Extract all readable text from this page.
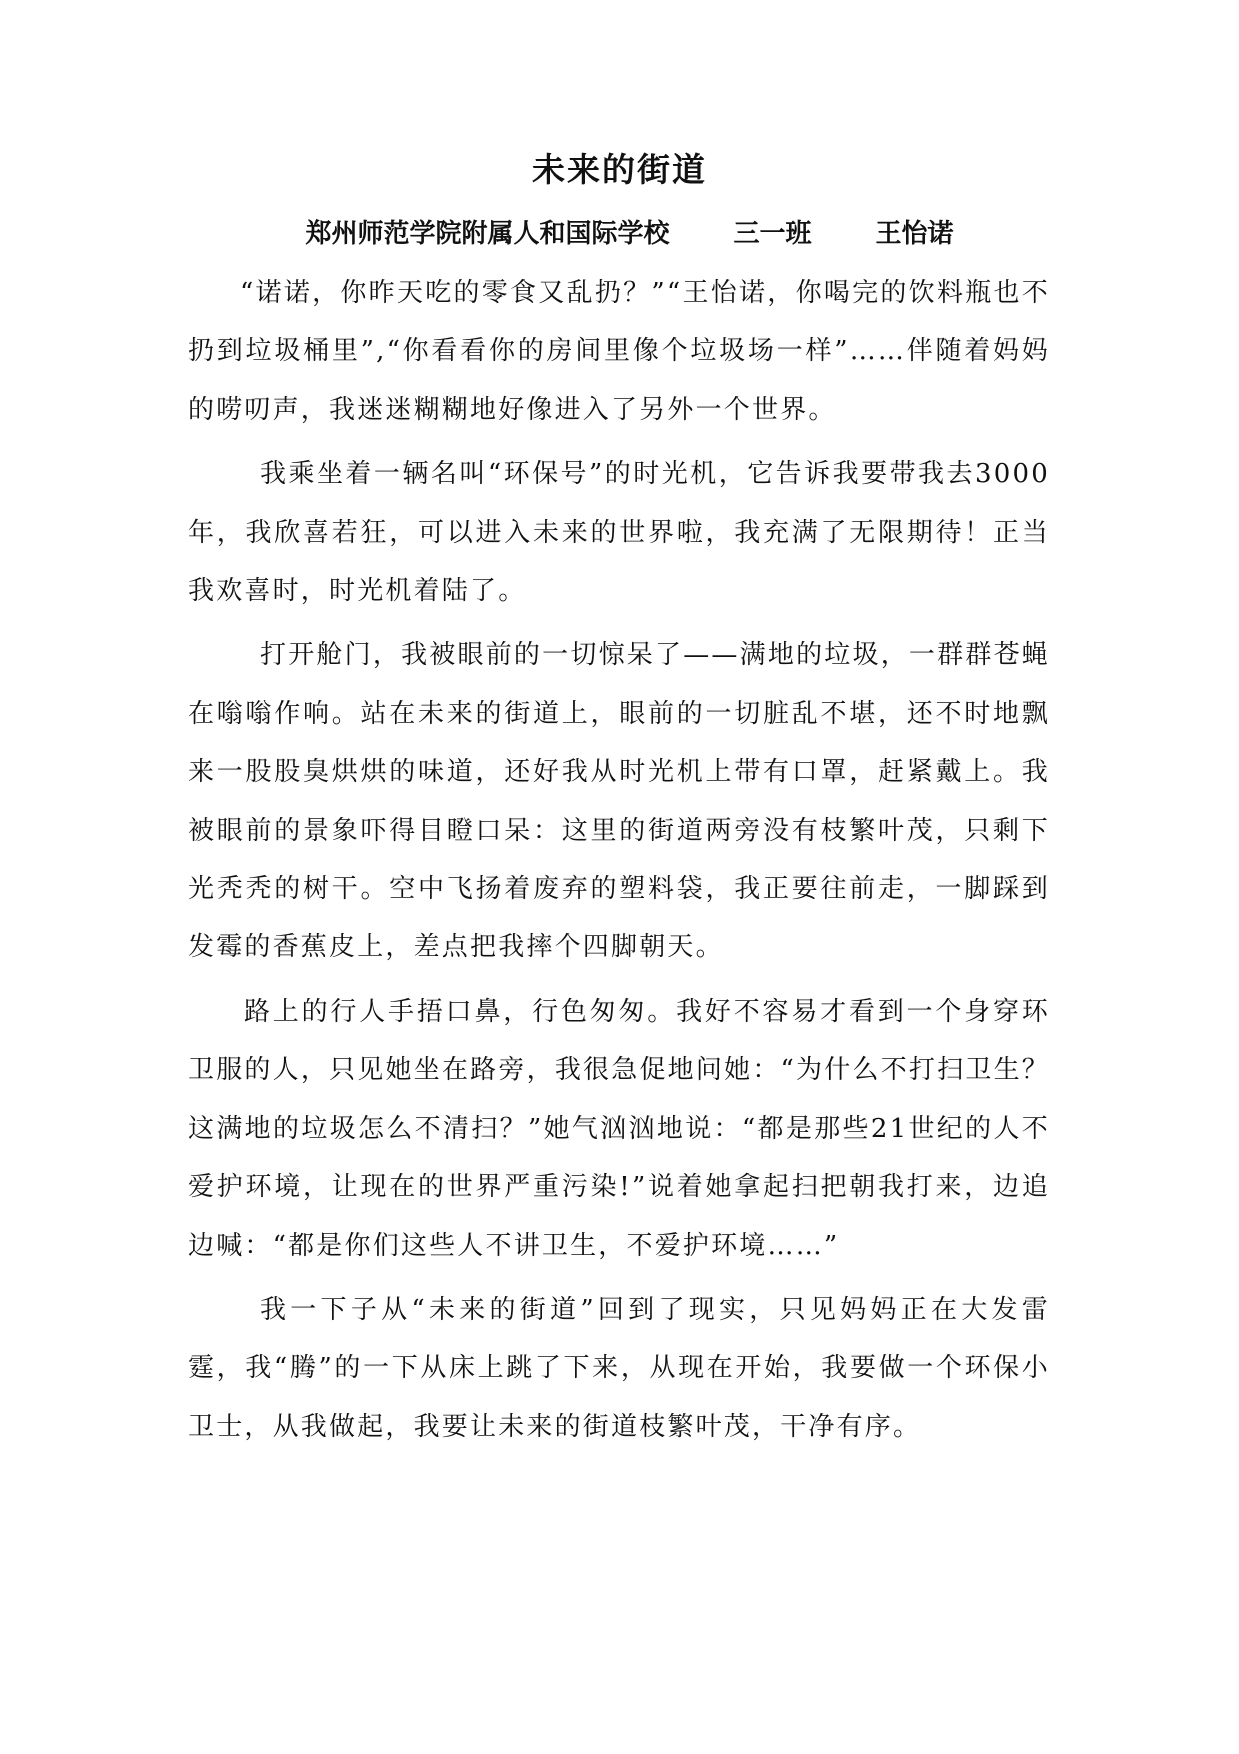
未来的街道
郑州师范学院附属人和国际学校 三一班 王怡诺

“诺诺，你昨天吃的零食又乱扔？”“王怡诺，你喝完的饮料瓶也不扔到垃圾桶里”,“你看看你的房间里像个垃圾场一样”……伴随着妈妈的唠叨声，我迷迷糊糊地好像进入了另外一个世界。

我乘坐着一辆名叫“环保号”的时光机，它告诉我要带我去3000年，我欣喜若狂，可以进入未来的世界啦，我充满了无限期待！正当我欢喜时，时光机着陆了。

打开舱门，我被眼前的一切惊呆了——满地的垃圾，一群群苍蝇在嗡嗡作响。站在未来的街道上，眼前的一切脏乱不堪，还不时地飘来一股股臭烘烘的味道，还好我从时光机上带有口罩，赶紧戴上。我被眼前的景象吓得目瞪口呆：这里的街道两旁没有枝繁叶茂，只剩下光秃秃的树干。空中飞扬着废弃的塑料袋，我正要往前走，一脚踩到发霉的香蕉皮上，差点把我摔个四脚朝天。

路上的行人手捂口鼻，行色匆匆。我好不容易才看到一个身穿环卫服的人，只见她坐在路旁，我很急促地问她：“为什么不打扫卫生？这满地的垃圾怎么不清扫？”她气汹汹地说：“都是那些21世纪的人不爱护环境，让现在的世界严重污染!”说着她拿起扫把朝我打来，边追边喊：“都是你们这些人不讲卫生，不爱护环境……”

我一下子从“未来的街道”回到了现实，只见妈妈正在大发雷霆，我“腾”的一下从床上跳了下来，从现在开始，我要做一个环保小卫士，从我做起，我要让未来的街道枝繁叶茂，干净有序。
